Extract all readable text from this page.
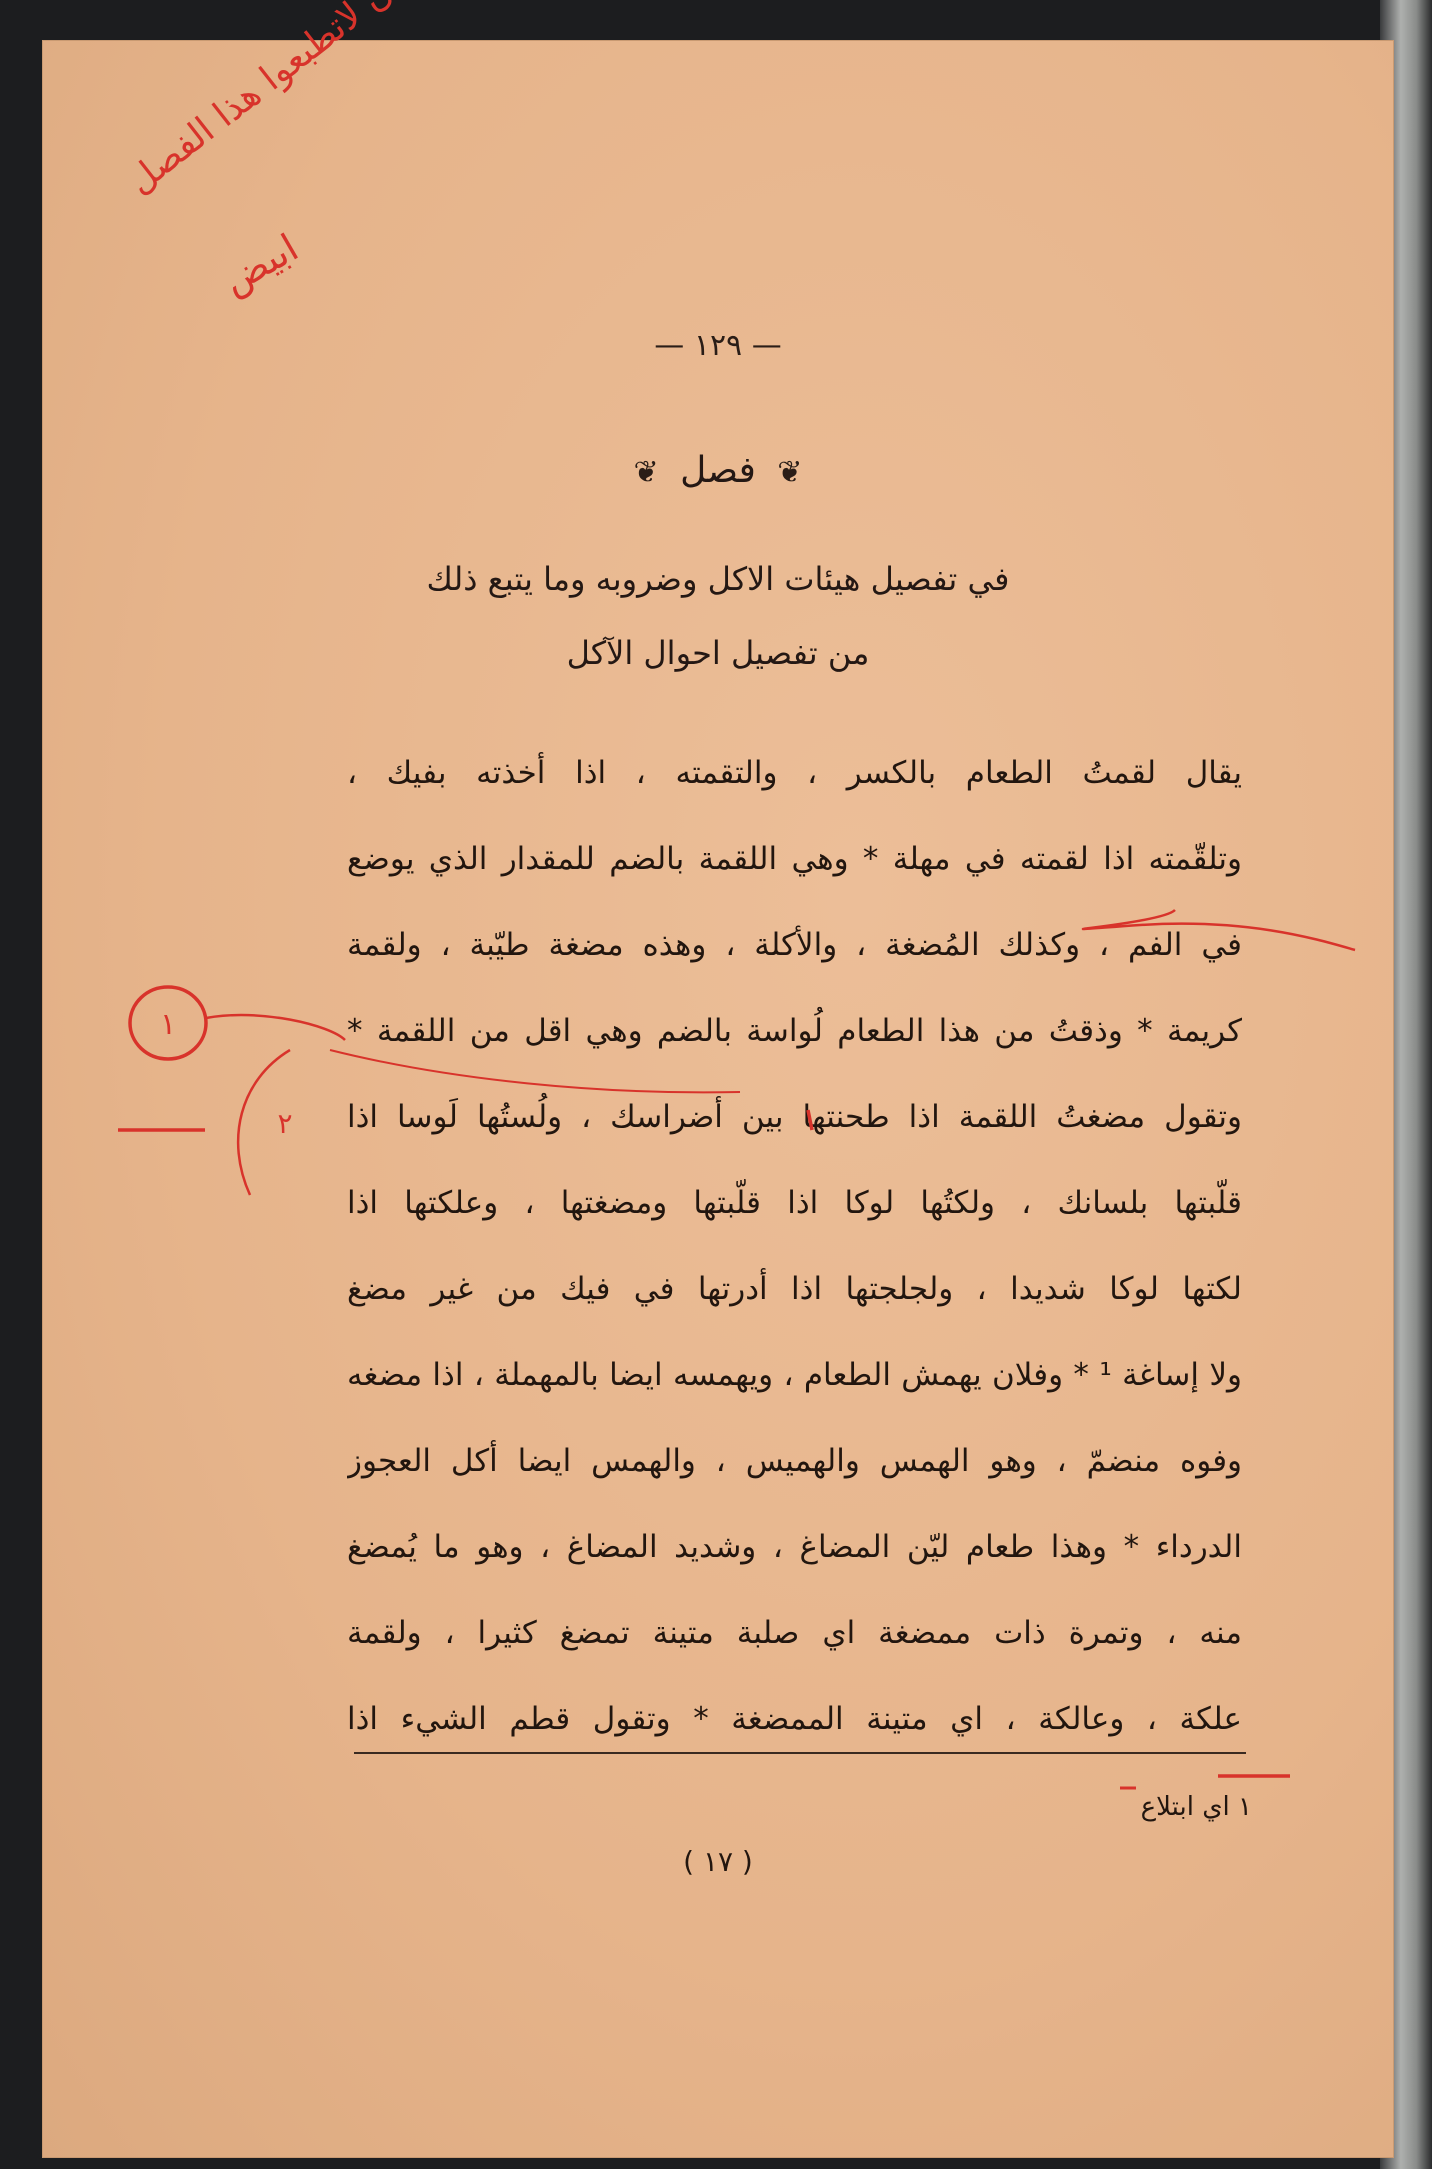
— ١٢٩ —
❦ فصل ❦
في تفصيل هيئات الاكل وضروبه وما يتبع ذلك
من تفصيل احوال الآكل
يقال لقمتُ الطعام بالكسر ، والتقمته ، اذا أخذته بفيك ،
وتلقّمته اذا لقمته في مهلة * وهي اللقمة بالضم للمقدار الذي يوضع
في الفم ، وكذلك المُضغة ، والأكلة ، وهذه مضغة طيّبة ، ولقمة
كريمة * وذقتُ من هذا الطعام لُواسة بالضم وهي اقل من اللقمة *
وتقول مضغتُ اللقمة اذا طحنتها بين أضراسك ، ولُستُها لَوسا اذا
قلّبتها بلسانك ، ولكتُها لوكا اذا قلّبتها ومضغتها ، وعلكتها اذا
لكتها لوكا شديدا ، ولجلجتها اذا أدرتها في فيك من غير مضغ
ولا إساغة ¹ * وفلان يهمش الطعام ، ويهمسه ايضا بالمهملة ، اذا مضغه
وفوه منضمّ ، وهو الهمس والهميس ، والهمس ايضا أكل العجوز
الدرداء * وهذا طعام ليّن المضاغ ، وشديد المضاغ ، وهو ما يُمضغ
منه ، وتمرة ذات ممضغة اي صلبة متينة تمضغ كثيرا ، ولقمة
علكة ، وعالكة ، اي متينة الممضغة * وتقول قطم الشيء اذا
١ اي ابتلاع
( ١٧ )
ابيض
١
٢
